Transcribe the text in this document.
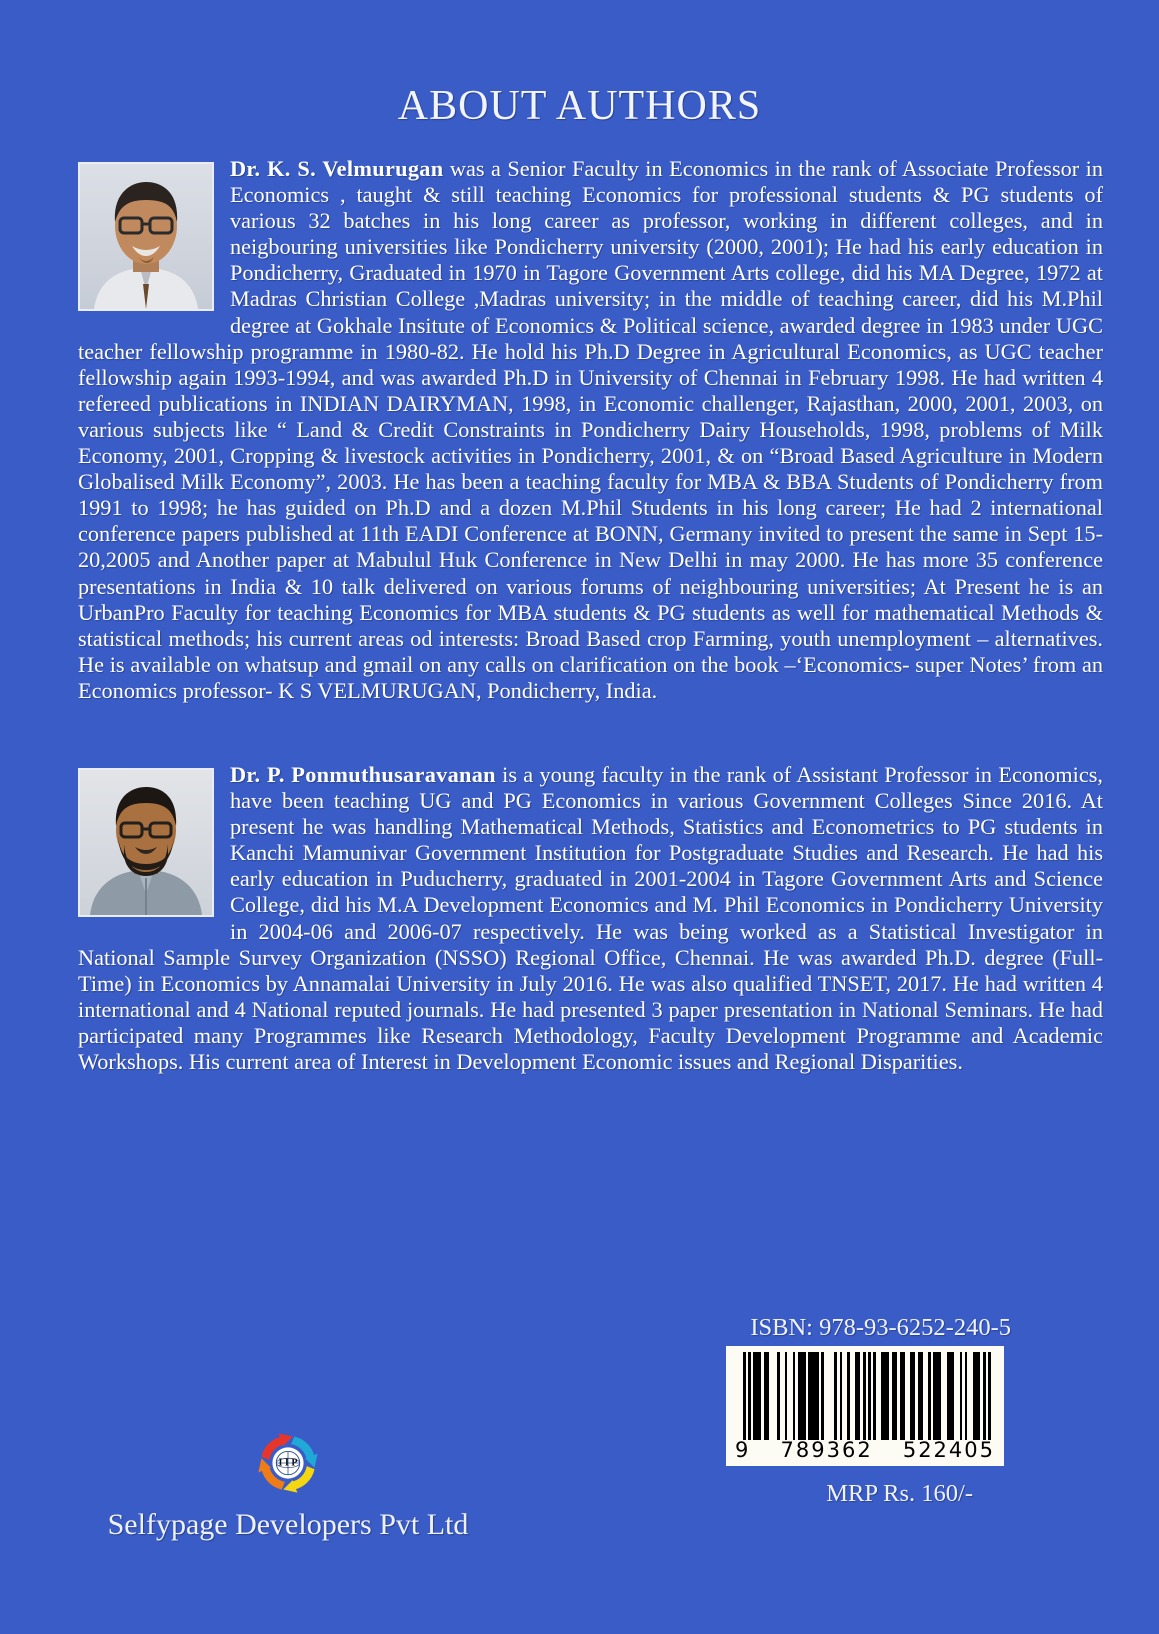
ABOUT AUTHORS
Dr. K. S. Velmurugan was a Senior Faculty in Economics in the rank of Associate Professor in Economics , taught & still teaching Economics for professional students & PG students of various 32 batches in his long career as professor, working in different colleges, and in neigbouring universities like Pondicherry university (2000, 2001); He had his early education in Pondicherry, Graduated in 1970 in Tagore Government Arts college, did his MA Degree, 1972 at Madras Christian College ,Madras university; in the middle of teaching career, did his M.Phil degree at Gokhale Insitute of Economics & Political science, awarded degree in 1983 under UGC teacher fellowship programme in 1980-82. He hold his Ph.D Degree in Agricultural Economics, as UGC teacher fellowship again 1993-1994, and was awarded Ph.D in University of Chennai in February 1998. He had written 4 refereed publications in INDIAN DAIRYMAN, 1998, in Economic challenger, Rajasthan, 2000, 2001, 2003, on various subjects like “ Land & Credit Constraints in Pondicherry Dairy Households, 1998, problems of Milk Economy, 2001, Cropping & livestock activities in Pondicherry, 2001, & on “Broad Based Agriculture in Modern Globalised Milk Economy”, 2003. He has been a teaching faculty for MBA & BBA Students of Pondicherry from 1991 to 1998; he has guided on Ph.D and a dozen M.Phil Students in his long career; He had 2 international conference papers published at 11th EADI Conference at BONN, Germany invited to present the same in Sept 15-20,2005 and Another paper at Mabulul Huk Conference in New Delhi in may 2000. He has more 35 conference presentations in India & 10 talk delivered on various forums of neighbouring universities; At Present he is an UrbanPro Faculty for teaching Economics for MBA students & PG students as well for mathematical Methods & statistical methods; his current areas od interests: Broad Based crop Farming, youth unemployment – alternatives. He is available on whatsup and gmail on any calls on clarification on the book –‘Economics- super Notes’ from an Economics professor- K S VELMURUGAN, Pondicherry, India.
Dr. P. Ponmuthusaravanan is a young faculty in the rank of Assistant Professor in Economics, have been teaching UG and PG Economics in various Government Colleges Since 2016. At present he was handling Mathematical Methods, Statistics and Econometrics to PG students in Kanchi Mamunivar Government Institution for Postgraduate Studies and Research. He had his early education in Puducherry, graduated in 2001-2004 in Tagore Government Arts and Science College, did his M.A Development Economics and M. Phil Economics in Pondicherry University in 2004-06 and 2006-07 respectively. He was being worked as a Statistical Investigator in National Sample Survey Organization (NSSO) Regional Office, Chennai. He was awarded Ph.D. degree (Full-Time) in Economics by Annamalai University in July 2016. He was also qualified TNSET, 2017. He had written 4 international and 4 National reputed journals. He had presented 3 paper presentation in National Seminars. He had participated many Programmes like Research Methodology, Faculty Development Programme and Academic Workshops. His current area of Interest in Development Economic issues and Regional Disparities.
ISBN: 978-93-6252-240-5
9 789362 522405
MRP Rs. 160/-
I I P
Selfypage Developers Pvt Ltd
